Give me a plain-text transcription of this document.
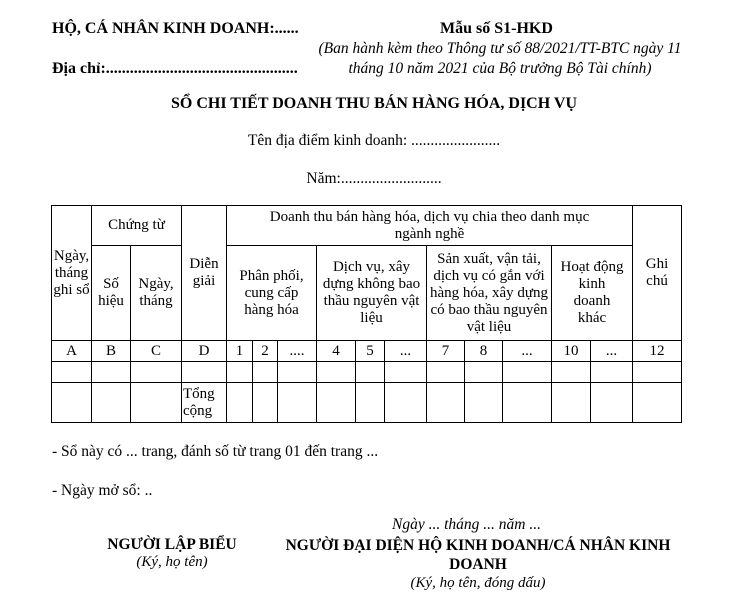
HỘ, CÁ NHÂN KINH DOANH:......
Địa chỉ:................................................
Mẫu số S1-HKD
(Ban hành kèm theo Thông tư số 88/2021/TT-BTC ngày 11 tháng 10 năm 2021 của Bộ trưởng Bộ Tài chính)
SỔ CHI TIẾT DOANH THU BÁN HÀNG HÓA, DỊCH VỤ
Tên địa điểm kinh doanh: .......................
Năm:..........................
Ngày, tháng ghi sổ	Chứng từ		Diễn giải	Doanh thu bán hàng hóa, dịch vụ chia theo danh mục ngành nghề											Ghi chú
	Số hiệu	Ngày, tháng		Phân phối, cung cấp hàng hóa			Dịch vụ, xây dựng không bao thầu nguyên vật liệu			Sản xuất, vận tải, dịch vụ có gắn với hàng hóa, xây dựng có bao thầu nguyên vật liệu			Hoạt động kinh doanh khác		
A	B	C	D	1	2	....	4	5	...	7	8	...	10	...	12

			Tổng cộng												
- Sổ này có ... trang, đánh số từ trang 01 đến trang ...
- Ngày mở sổ: ..
Ngày ... tháng ... năm ...
NGƯỜI LẬP BIỂU
(Ký, họ tên)
NGƯỜI ĐẠI DIỆN HỘ KINH DOANH/CÁ NHÂN KINH DOANH
(Ký, họ tên, đóng dấu)
